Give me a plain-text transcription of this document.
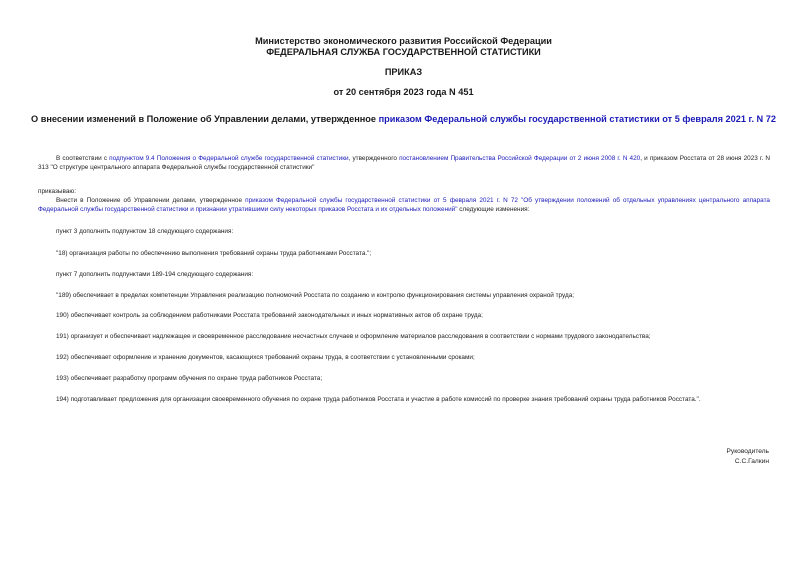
Министерство экономического развития Российской Федерации
ФЕДЕРАЛЬНАЯ СЛУЖБА ГОСУДАРСТВЕННОЙ СТАТИСТИКИ
ПРИКАЗ
от 20 сентября 2023 года N 451
О внесении изменений в Положение об Управлении делами, утвержденное приказом Федеральной службы государственной статистики от 5 февраля 2021 г. N 72
В соответствии с подпунктом 9.4 Положения о Федеральной службе государственной статистики, утвержденного постановлением Правительства Российской Федерации от 2 июня 2008 г. N 420, и приказом Росстата от 28 июня 2023 г. N 313 "О структуре центрального аппарата Федеральной службы государственной статистики"
приказываю:
Внести в Положение об Управлении делами, утвержденное приказом Федеральной службы государственной статистики от 5 февраля 2021 г. N 72 "Об утверждении положений об отдельных управлениях центрального аппарата Федеральной службы государственной статистики и признании утратившими силу некоторых приказов Росстата и их отдельных положений" следующие изменения:
пункт 3 дополнить подпунктом 18 следующего содержания:
"18) организация работы по обеспечению выполнения требований охраны труда работниками Росстата.";
пункт 7 дополнить подпунктами 189-194 следующего содержания:
"189) обеспечивает в пределах компетенции Управления реализацию полномочий Росстата по созданию и контролю функционирования системы управления охраной труда;
190) обеспечивает контроль за соблюдением работниками Росстата требований законодательных и иных нормативных актов об охране труда;
191) организует и обеспечивает надлежащее и своевременное расследование несчастных случаев и оформление материалов расследования в соответствии с нормами трудового законодательства;
192) обеспечивает оформление и хранение документов, касающихся требований охраны труда, в соответствии с установленными сроками;
193) обеспечивает разработку программ обучения по охране труда работников Росстата;
194) подготавливает предложения для организации своевременного обучения по охране труда работников Росстата и участие в работе комиссий по проверке знания требований охраны труда работников Росстата.".
Руководитель
С.С.Галкин
